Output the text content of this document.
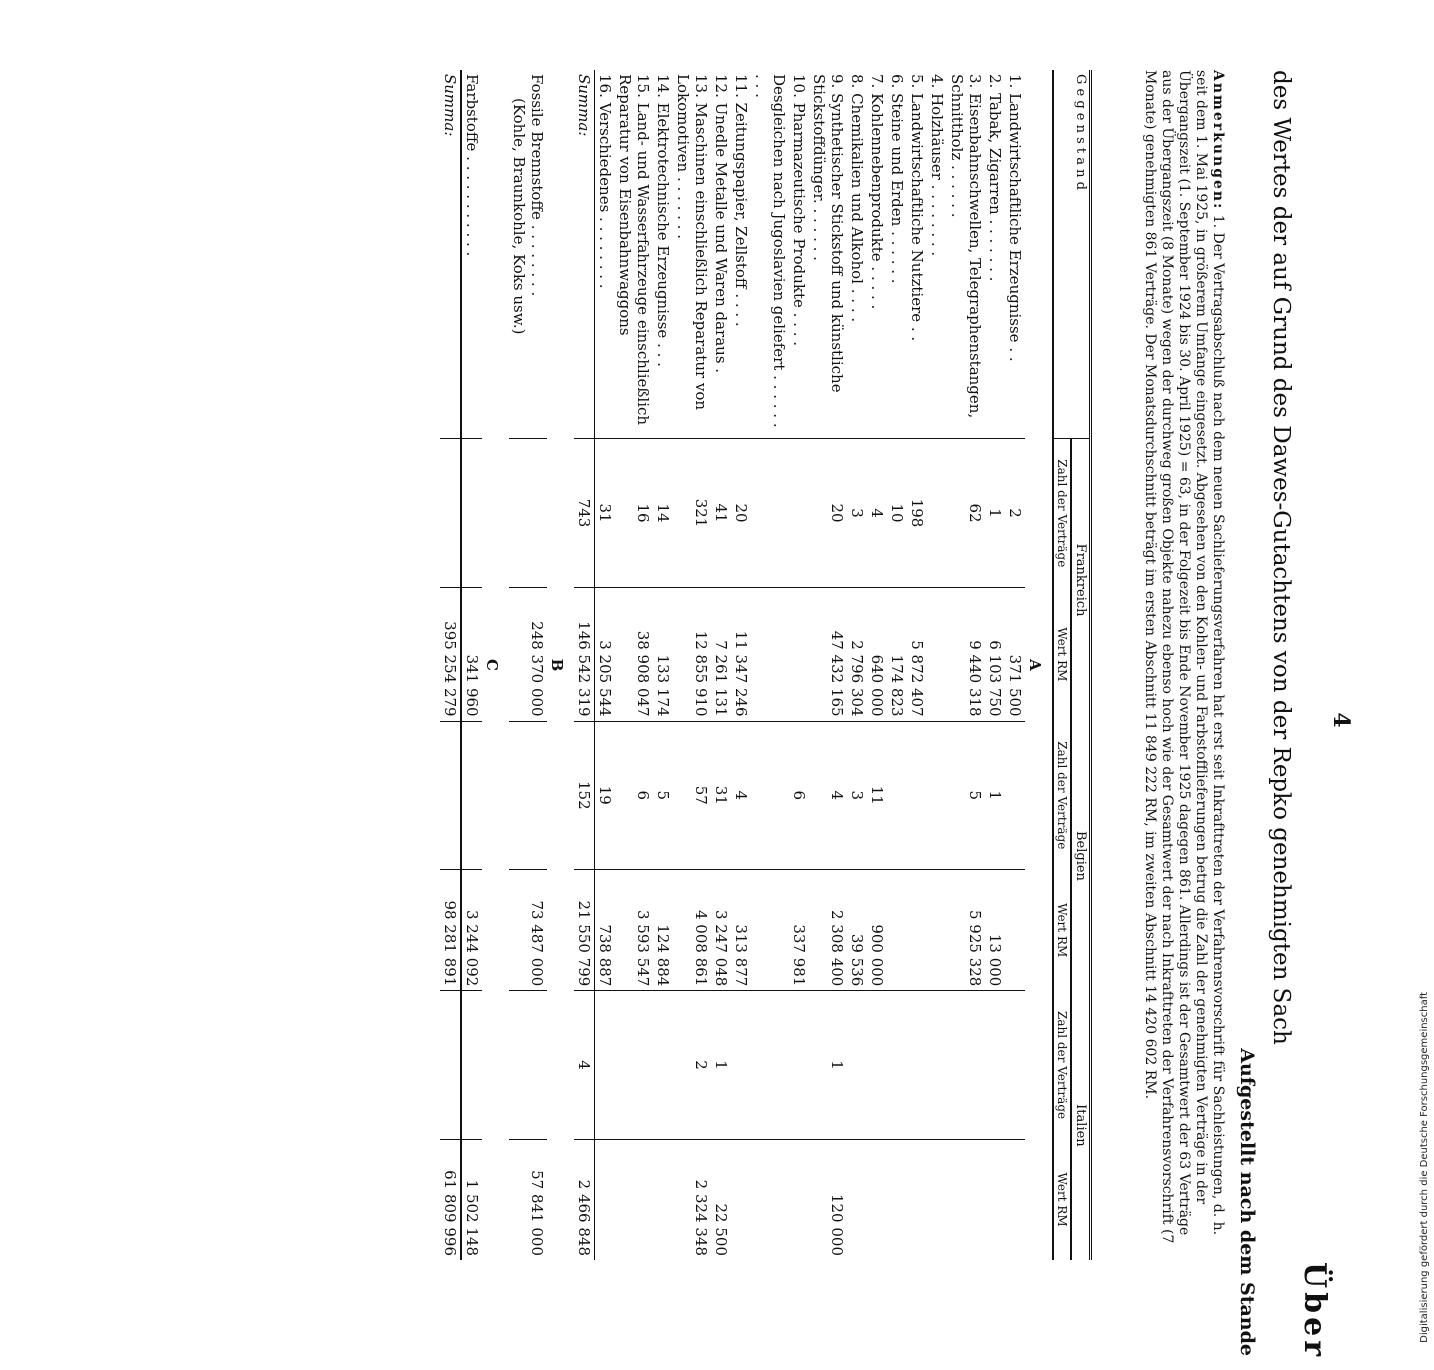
4
Über
des Wertes der auf Grund des Dawes-Gutachtens von der Repko genehmigten Sach
Aufgestellt nach dem Stande
Anmerkungen: 1. Der Vertragsabschluß nach dem neuen Sachlieferungsverfahren hat erst seit Inkrafttreten der Verfahrensvorschrift für Sachleistungen, d. h. seit dem 1. Mai 1925, in größerem Umfange eingesetzt. Abgesehen von den Kohlen- und Farbstofflieferungen betrug die Zahl der genehmigten Verträge in der Übergangszeit (1. September 1924 bis 30. April 1925) = 63, in der Folgezeit bis Ende November 1925 dagegen 861. Allerdings ist der Gesamtwert der 63 Verträge aus der Übergangszeit (8 Monate) wegen der durchweg großen Objekte nahezu ebenso hoch wie der Gesamtwert der nach Inkrafttreten der Verfahrensvorschrift (7 Monate) genehmigten 861 Verträge. Der Monatsdurchschnitt beträgt im ersten Abschnitt 11 849 222 RM, im zweiten Abschnitt 14 420 602 RM.
G e g e n s t a n d	Frankreich		Belgien		Italien	
	Zahl der Verträge	Wert RM	Zahl der Verträge	Wert RM	Zahl der Verträge	Wert RM
A						
1. Landwirtschaftliche Erzeugnisse . .	2	371 500				
2. Tabak, Zigarren . . . . . . .	1	6 103 750	1	13 000		
3. Eisenbahnschwellen, Telegraphenstangen, Schnittholz . . . . . .	62	9 440 318	5	5 925 328		
4. Holzhäuser . . . . . . . .						
5. Landwirtschaftliche Nutztiere . .	198	5 872 407				
6. Steine und Erden . . . . . .	10	174 823				
7. Kohlennebenprodukte . . . . .	4	640 000	11	900 000		
8. Chemikalien und Alkohol . . . .	3	2 796 304	3	39 536		
9. Synthetischer Stickstoff und künstliche Stickstoffdünger. . . . . . .	20	47 432 165	4	2 308 400	1	120 000
10. Pharmazeutische Produkte . . . .			6	337 981		
Desgleichen nach Jugoslavien geliefert . . . . . . . . .						
11. Zeitungspapier, Zellstoff . . . .	20	11 347 246	4	313 877		
12. Unedle Metalle und Waren daraus .	41	7 261 131	31	3 247 048	1	22 500
13. Maschinen einschließlich Reparatur von Lokomotiven . . . . . . .	321	12 855 910	57	4 008 861	2	2 324 348
14. Elektrotechnische Erzeugnisse . . .	14	133 174	5	124 884		
15. Land- und Wasserfahrzeuge einschließlich Reparatur von Eisenbahnwaggons	16	38 908 047	6	3 593 547		
16. Verschiedenes . . . . . . . .	31	3 205 544	19	738 887		
Summa:	743	146 542 319	152	21 550 799	4	2 466 848
B						

Fossile Brennstoffe . . . . . . . .
(Kohle, Braunkohle, Koks usw.)		248 370 000		73 487 000		57 841 000
C						
Farbstoffe . . . . . . . . . . .		341 960		3 244 092		1 502 148
Summa:		395 254 279		98 281 891		61 809 996	Digitalisierung gefördert durch die Deutsche Forschungsgemeinschaft
